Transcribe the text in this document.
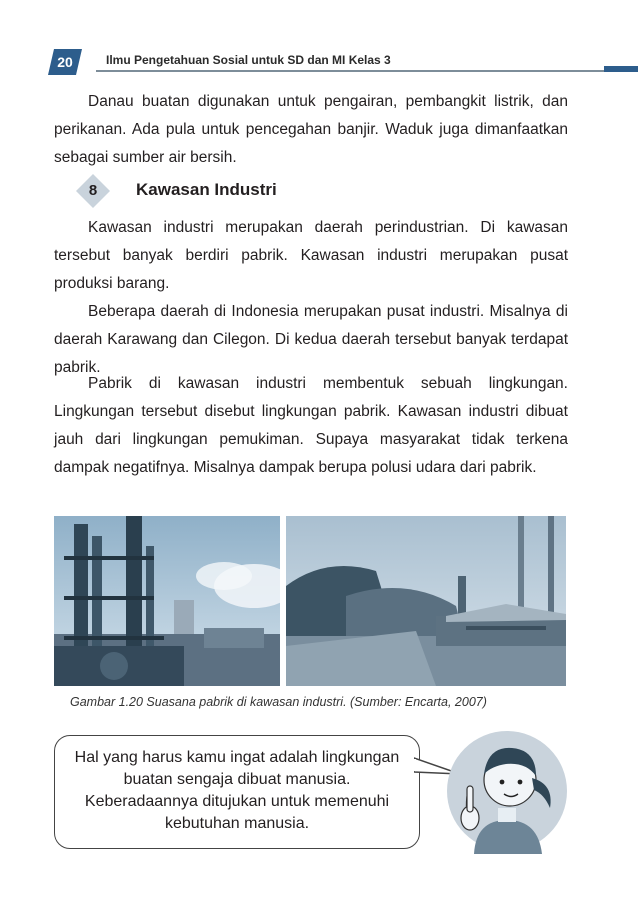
20	Ilmu Pengetahuan Sosial untuk SD dan MI Kelas 3

Danau buatan digunakan untuk pengairan, pembangkit listrik, dan perikanan. Ada pula untuk pencegahan banjir. Waduk juga dimanfaatkan sebagai sumber air bersih.

8	Kawasan Industri

Kawasan industri merupakan daerah perindustrian. Di kawasan tersebut banyak berdiri pabrik. Kawasan industri merupakan pusat produksi barang.

Beberapa daerah di Indonesia merupakan pusat industri. Misalnya di daerah Karawang dan Cilegon. Di kedua daerah tersebut banyak terdapat pabrik.

Pabrik di kawasan industri membentuk sebuah lingkungan. Lingkungan tersebut disebut lingkungan pabrik. Kawasan industri dibuat jauh dari lingkungan pemukiman. Supaya masyarakat tidak terkena dampak negatifnya. Misalnya dampak berupa polusi udara dari pabrik.

Gambar 1.20 Suasana pabrik di kawasan industri. (Sumber: Encarta, 2007)
Hal yang harus kamu ingat adalah lingkungan buatan sengaja dibuat manusia. Keberadaannya ditujukan untuk memenuhi kebutuhan manusia.
